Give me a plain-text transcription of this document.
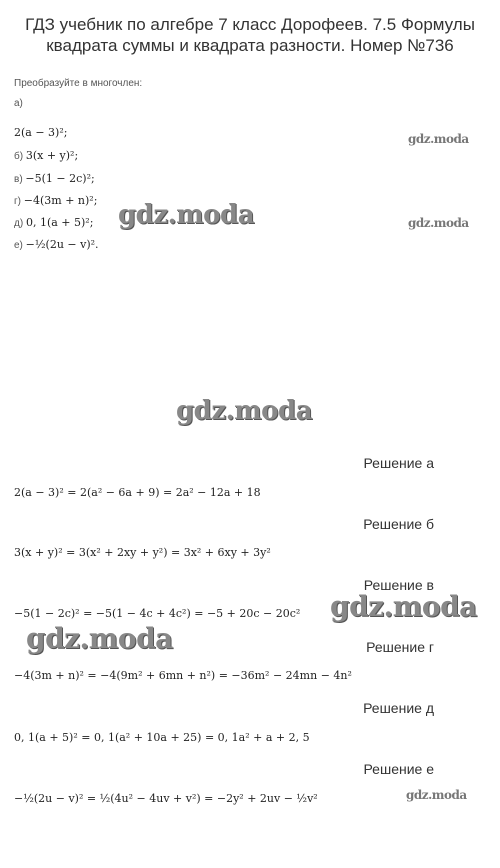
ГДЗ учебник по алгебре 7 класс Дорофеев. 7.5 Формулы
квадрата суммы и квадрата разности. Номер №736
Преобразуйте в многочлен:
а)
2(a − 3)²;
б) 3(x + y)²;
в) −5(1 − 2c)²;
г) −4(3m + n)²;
д) 0, 1(a + 5)²;
е) −½(2u − v)².
gdz.moda
gdz.moda	gdz.moda
gdz.moda
gdz.moda
gdz.moda
gdz.moda
Решение а
2(a − 3)² = 2(a² − 6a + 9) = 2a² − 12a + 18
Решение б
3(x + y)² = 3(x² + 2xy + y²) = 3x² + 6xy + 3y²
Решение в
−5(1 − 2c)² = −5(1 − 4c + 4c²) = −5 + 20c − 20c²
Решение г
−4(3m + n)² = −4(9m² + 6mn + n²) = −36m² − 24mn − 4n²
Решение д
0, 1(a + 5)² = 0, 1(a² + 10a + 25) = 0, 1a² + a + 2, 5
Решение е
−½(2u − v)² = ½(4u² − 4uv + v²) = −2y² + 2uv − ½v²
